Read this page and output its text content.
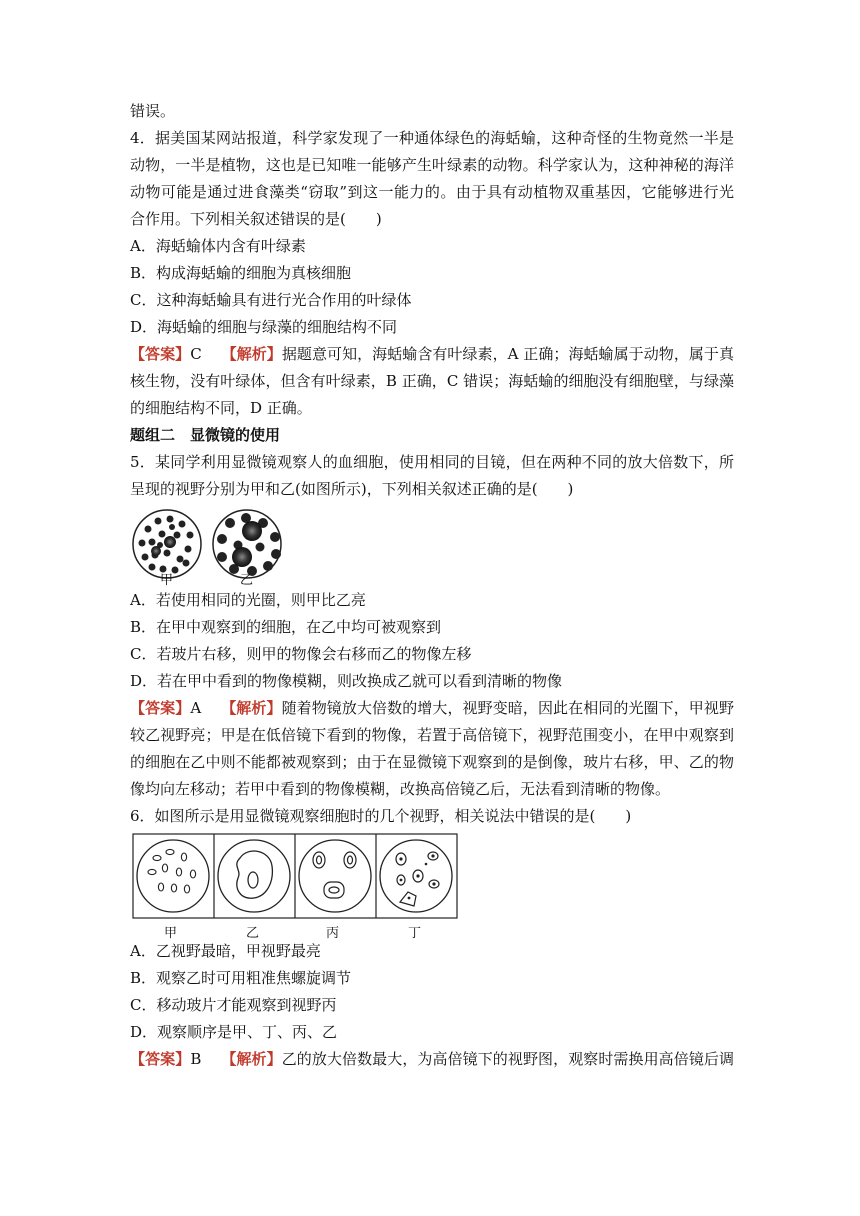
错误。
4．据美国某网站报道，科学家发现了一种通体绿色的海蛞蝓，这种奇怪的生物竟然一半是
动物，一半是植物，这也是已知唯一能够产生叶绿素的动物。科学家认为，这种神秘的海洋
动物可能是通过进食藻类“窃取”到这一能力的。由于具有动植物双重基因，它能够进行光
合作用。下列相关叙述错误的是(　　)
A．海蛞蝓体内含有叶绿素
B．构成海蛞蝓的细胞为真核细胞
C．这种海蛞蝓具有进行光合作用的叶绿体
D．海蛞蝓的细胞与绿藻的细胞结构不同
【答案】C　 【解析】据题意可知，海蛞蝓含有叶绿素，A 正确；海蛞蝓属于动物，属于真
核生物，没有叶绿体，但含有叶绿素，B 正确，C 错误；海蛞蝓的细胞没有细胞壁，与绿藻
的细胞结构不同，D 正确。
题组二　显微镜的使用
5．某同学利用显微镜观察人的血细胞，使用相同的目镜，但在两种不同的放大倍数下，所
呈现的视野分别为甲和乙(如图所示)，下列相关叙述正确的是(　　)
甲	乙
A．若使用相同的光圈，则甲比乙亮
B．在甲中观察到的细胞，在乙中均可被观察到
C．若玻片右移，则甲的物像会右移而乙的物像左移
D．若在甲中看到的物像模糊，则改换成乙就可以看到清晰的物像
【答案】A　 【解析】随着物镜放大倍数的增大，视野变暗，因此在相同的光圈下，甲视野
较乙视野亮；甲是在低倍镜下看到的物像，若置于高倍镜下，视野范围变小，在甲中观察到
的细胞在乙中则不能都被观察到；由于在显微镜下观察到的是倒像，玻片右移，甲、乙的物
像均向左移动；若甲中看到的物像模糊，改换高倍镜乙后，无法看到清晰的物像。
6．如图所示是用显微镜观察细胞时的几个视野，相关说法中错误的是(　　)
甲	乙	丙	丁
A．乙视野最暗，甲视野最亮
B．观察乙时可用粗准焦螺旋调节
C．移动玻片才能观察到视野丙
D．观察顺序是甲、丁、丙、乙
【答案】B　 【解析】乙的放大倍数最大，为高倍镜下的视野图，观察时需换用高倍镜后调
